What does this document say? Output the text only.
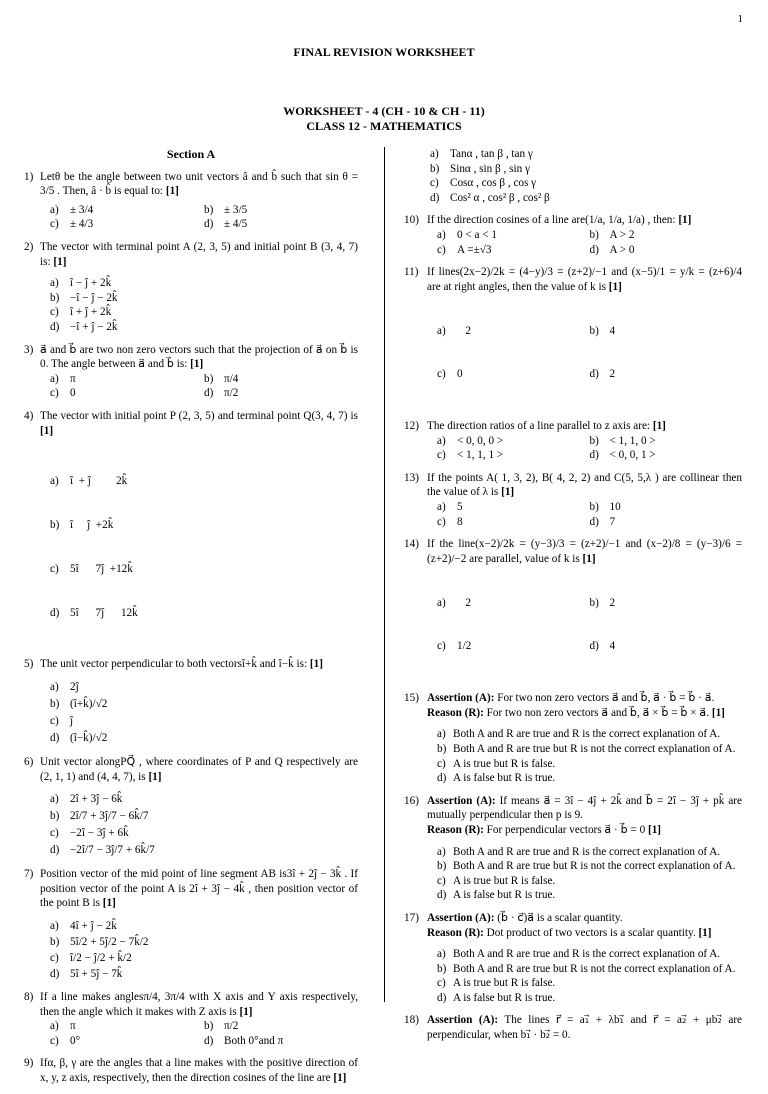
1
FINAL REVISION WORKSHEET
WORKSHEET - 4 (CH - 10 & CH - 11)
CLASS 12 - MATHEMATICS
Section A
1) Letθ be the angle between two unit vectors â and b̂ such that sin θ = 3/5 . Then, â · b̂ is equal to: [1]
a)	± 3/4	b) ± 3/5
c)	± 4/3	d) ± 4/5
2) The vector with terminal point A (2, 3, 5) and initial point B (3, 4, 7) is: [1]
a)	î − ĵ + 2k̂
b) −î − ĵ − 2k̂
c)	î + ĵ + 2k̂
d) −î + ĵ − 2k̂
3) a⃗ and b⃗ are two non zero vectors such that the projection of a⃗ on b⃗ is 0. The angle between a⃗ and b⃗ is: [1]
a)	π	b) π/4
c)	0	d) π/2
4) The vector with initial point P (2, 3, 5) and terminal point Q(3, 4, 7) is [1]

a)	î  + ĵ         2k̂

b) î     ĵ  +2k̂

c)	5î      7ĵ  +12k̂

d) 5î      7ĵ      12k̂

5) The unit vector perpendicular to both vectorsî+k̂ and î−k̂ is: [1]
a)	2ĵ
b) (î+k̂)/√2
c)	ĵ
d) (î−k̂)/√2
6) Unit vector alongPQ⃗ , where coordinates of P and Q respectively are (2, 1, 1) and (4, 4, 7), is [1]
a)	2î + 3ĵ − 6k̂
b) 2î/7 + 3ĵ/7 − 6k̂/7
c)	−2î − 3ĵ + 6k̂
d) −2î/7 − 3ĵ/7 + 6k̂/7
7) Position vector of the mid point of line segment AB is3î + 2ĵ − 3k̂ . If position vector of the point A is 2î + 3ĵ − 4k̂ , then position vector of the point B is [1]
a)	4î + ĵ − 2k̂
b) 5î/2 + 5ĵ/2 − 7k̂/2
c)	î/2 − ĵ/2 + k̂/2
d) 5î + 5ĵ − 7k̂
8) If a line makes anglesπ/4, 3π/4 with X axis and Y axis respectively, then the angle which it makes with Z axis is [1]
a)	π	b) π/2
c)	0°	d) Both 0°and π
9) Ifα, β, γ are the angles that a line makes with the positive direction of x, y, z axis, respectively, then the direction cosines of the line are [1]
a)	Tanα , tan β , tan γ
b) Sinα , sin β , sin γ
c)	Cosα , cos β , cos γ
d) Cos² α , cos² β , cos² β
10) If the direction cosines of a line are(1/a, 1/a, 1/a) , then: [1]
a)	0 < a < 1	b) A > 2
c)	A =±√3	d) A > 0
11) If lines(2x−2)/2k = (4−y)/3 = (z+2)/−1 and (x−5)/1 = y/k = (z+6)/4 are at right angles, then the value of k is [1]

a)	2	b) 4

c)	0	d) 2

12) The direction ratios of a line parallel to z axis are: [1]
a)	< 0, 0, 0 >	b) < 1, 1, 0 >
c)	< 1, 1, 1 >	d) < 0, 0, 1 >
13) If the points A( 1, 3, 2), B( 4, 2, 2) and C(5, 5,λ ) are collinear then the value of λ is [1]
a)	5	b) 10
c)	8	d) 7
14) If the line(x−2)/2k = (y−3)/3 = (z+2)/−1 and (x−2)/8 = (y−3)/6 = (z+2)/−2 are parallel, value of k is [1]

a)	2	b) 2

c)	1/2	d) 4

15) Assertion (A): For two non zero vectors a⃗ and b⃗, a⃗ · b⃗ = b⃗ · a⃗.
Reason (R): For two non zero vectors a⃗ and b⃗, a⃗ × b⃗ = b⃗ × a⃗. [1]
a) Both A and R are true and R is the correct explanation of A.
b) Both A and R are true but R is not the correct explanation of A.
c) A is true but R is false.
d) A is false but R is true.
16) Assertion (A): If means a⃗ = 3î − 4ĵ + 2k̂ and b⃗ = 2î − 3ĵ + pk̂ are mutually perpendicular then p is 9.
Reason (R): For perpendicular vectors a⃗ · b⃗ = 0 [1]
a) Both A and R are true and R is the correct explanation of A.
b) Both A and R are true but R is not the correct explanation of A.
c) A is true but R is false.
d) A is false but R is true.
17) Assertion (A): (b⃗ · c⃗)a⃗ is a scalar quantity.
Reason (R): Dot product of two vectors is a scalar quantity. [1]
a) Both A and R are true and R is the correct explanation of A.
b) Both A and R are true but R is not the correct explanation of A.
c) A is true but R is false.
d) A is false but R is true.
18) Assertion (A): The lines r⃗ = a₁⃗ + λb₁⃗ and r⃗ = a₂⃗ + μb₂⃗ are perpendicular, when b₁⃗ · b₂⃗ = 0.
